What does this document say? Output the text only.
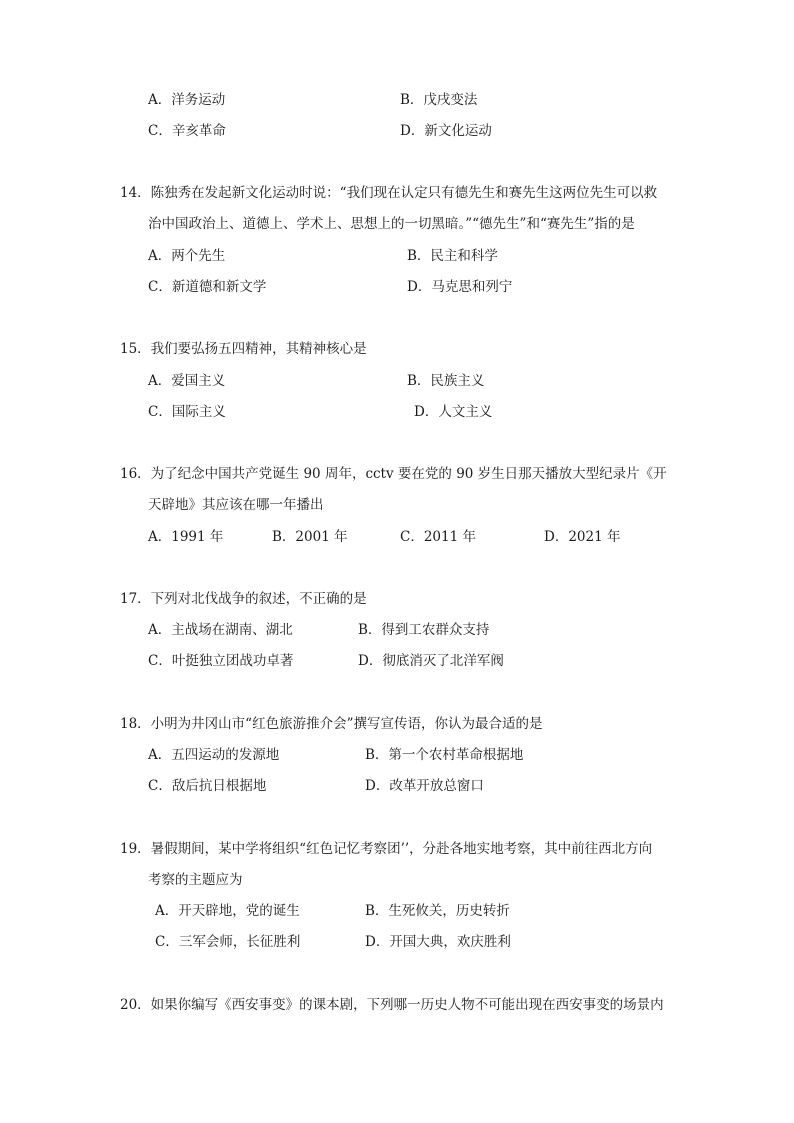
A．洋务运动	B．戊戌变法
C．辛亥革命	D．新文化运动
14．陈独秀在发起新文化运动时说：“我们现在认定只有德先生和赛先生这两位先生可以救
治中国政治上、道德上、学术上、思想上的一切黑暗。”“德先生”和“赛先生”指的是
A．两个先生	B．民主和科学
C．新道德和新文学	D．马克思和列宁
15．我们要弘扬五四精神，其精神核心是
A．爱国主义	B．民族主义
C．国际主义	D．人文主义
16．为了纪念中国共产党诞生 90 周年，cctv 要在党的 90 岁生日那天播放大型纪录片《开
天辟地》其应该在哪一年播出
A．1991 年	B．2001 年	C．2011 年	D．2021 年
17．下列对北伐战争的叙述，不正确的是
A．主战场在湖南、湖北	B．得到工农群众支持
C．叶挺独立团战功卓著	D．彻底消灭了北洋军阀
18．小明为井冈山市“红色旅游推介会”撰写宣传语，你认为最合适的是
A．五四运动的发源地	B．第一个农村革命根据地
C．敌后抗日根据地	D．改革开放总窗口
19．暑假期间，某中学将组织“红色记忆考察团’’，分赴各地实地考察，其中前往西北方向
考察的主题应为
A．开天辟地，党的诞生	B．生死攸关，历史转折
C．三军会师，长征胜利	D．开国大典，欢庆胜利
20．如果你编写《西安事变》的课本剧，下列哪一历史人物不可能出现在西安事变的场景内
